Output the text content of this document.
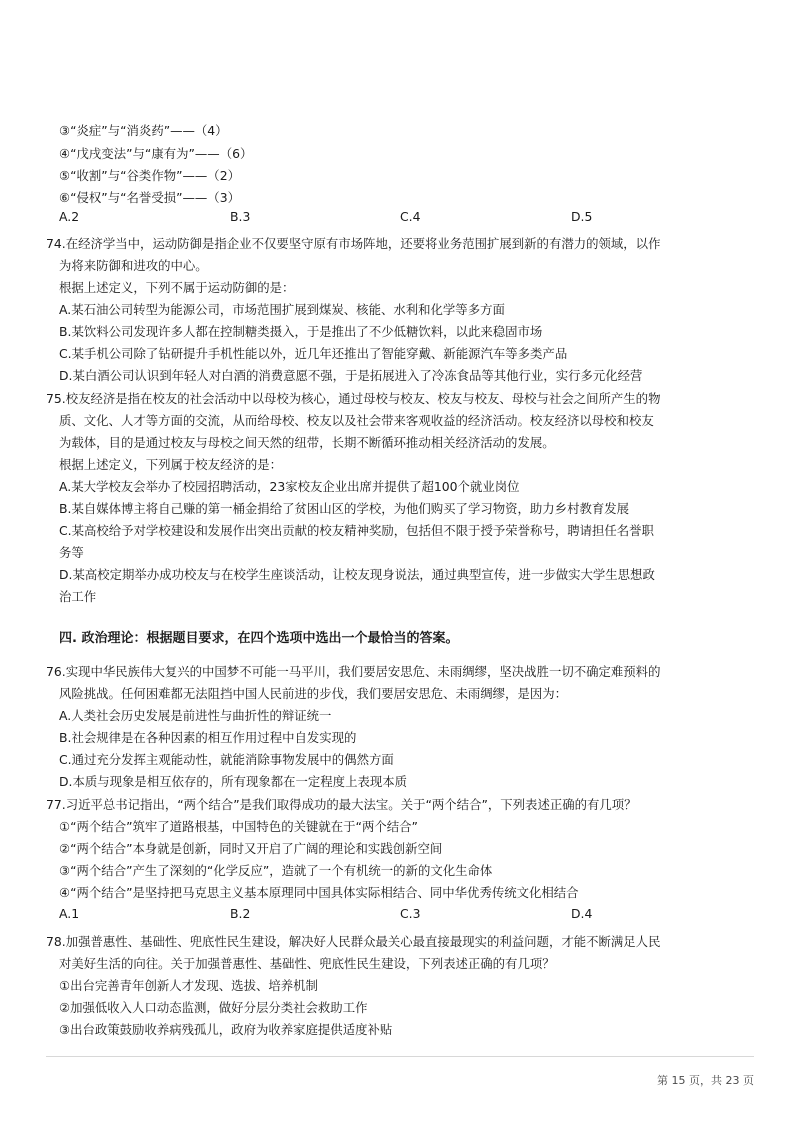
③“炎症”与“消炎药”——（4）
④“戊戌变法”与“康有为”——（6）
⑤“收割”与“谷类作物”——（2）
⑥“侵权”与“名誉受损”——（3）
A.2	B.3	C.4	D.5
74.在经济学当中，运动防御是指企业不仅要坚守原有市场阵地，还要将业务范围扩展到新的有潜力的领域，以作
为将来防御和进攻的中心。
根据上述定义，下列不属于运动防御的是：
A.某石油公司转型为能源公司，市场范围扩展到煤炭、核能、水利和化学等多方面
B.某饮料公司发现许多人都在控制糖类摄入，于是推出了不少低糖饮料，以此来稳固市场
C.某手机公司除了钻研提升手机性能以外，近几年还推出了智能穿戴、新能源汽车等多类产品
D.某白酒公司认识到年轻人对白酒的消费意愿不强，于是拓展进入了冷冻食品等其他行业，实行多元化经营
75.校友经济是指在校友的社会活动中以母校为核心，通过母校与校友、校友与校友、母校与社会之间所产生的物
质、文化、人才等方面的交流，从而给母校、校友以及社会带来客观收益的经济活动。校友经济以母校和校友
为载体，目的是通过校友与母校之间天然的纽带，长期不断循环推动相关经济活动的发展。
根据上述定义，下列属于校友经济的是：
A.某大学校友会举办了校园招聘活动，23家校友企业出席并提供了超100个就业岗位
B.某自媒体博主将自己赚的第一桶金捐给了贫困山区的学校，为他们购买了学习物资，助力乡村教育发展
C.某高校给予对学校建设和发展作出突出贡献的校友精神奖励，包括但不限于授予荣誉称号，聘请担任名誉职
务等
D.某高校定期举办成功校友与在校学生座谈活动，让校友现身说法，通过典型宣传，进一步做实大学生思想政
治工作
四. 政治理论：根据题目要求，在四个选项中选出一个最恰当的答案。
76.实现中华民族伟大复兴的中国梦不可能一马平川，我们要居安思危、未雨绸缪，坚决战胜一切不确定难预料的
风险挑战。任何困难都无法阻挡中国人民前进的步伐，我们要居安思危、未雨绸缪，是因为：
A.人类社会历史发展是前进性与曲折性的辩证统一
B.社会规律是在各种因素的相互作用过程中自发实现的
C.通过充分发挥主观能动性，就能消除事物发展中的偶然方面
D.本质与现象是相互依存的，所有现象都在一定程度上表现本质
77.习近平总书记指出，“两个结合”是我们取得成功的最大法宝。关于“两个结合”，下列表述正确的有几项？
①“两个结合”筑牢了道路根基，中国特色的关键就在于“两个结合”
②“两个结合”本身就是创新，同时又开启了广阔的理论和实践创新空间
③“两个结合”产生了深刻的“化学反应”，造就了一个有机统一的新的文化生命体
④“两个结合”是坚持把马克思主义基本原理同中国具体实际相结合、同中华优秀传统文化相结合
A.1	B.2	C.3	D.4
78.加强普惠性、基础性、兜底性民生建设，解决好人民群众最关心最直接最现实的利益问题，才能不断满足人民
对美好生活的向往。关于加强普惠性、基础性、兜底性民生建设，下列表述正确的有几项？
①出台完善青年创新人才发现、选拔、培养机制
②加强低收入人口动态监测，做好分层分类社会救助工作
③出台政策鼓励收养病残孤儿，政府为收养家庭提供适度补贴
第 15 页，共 23 页
